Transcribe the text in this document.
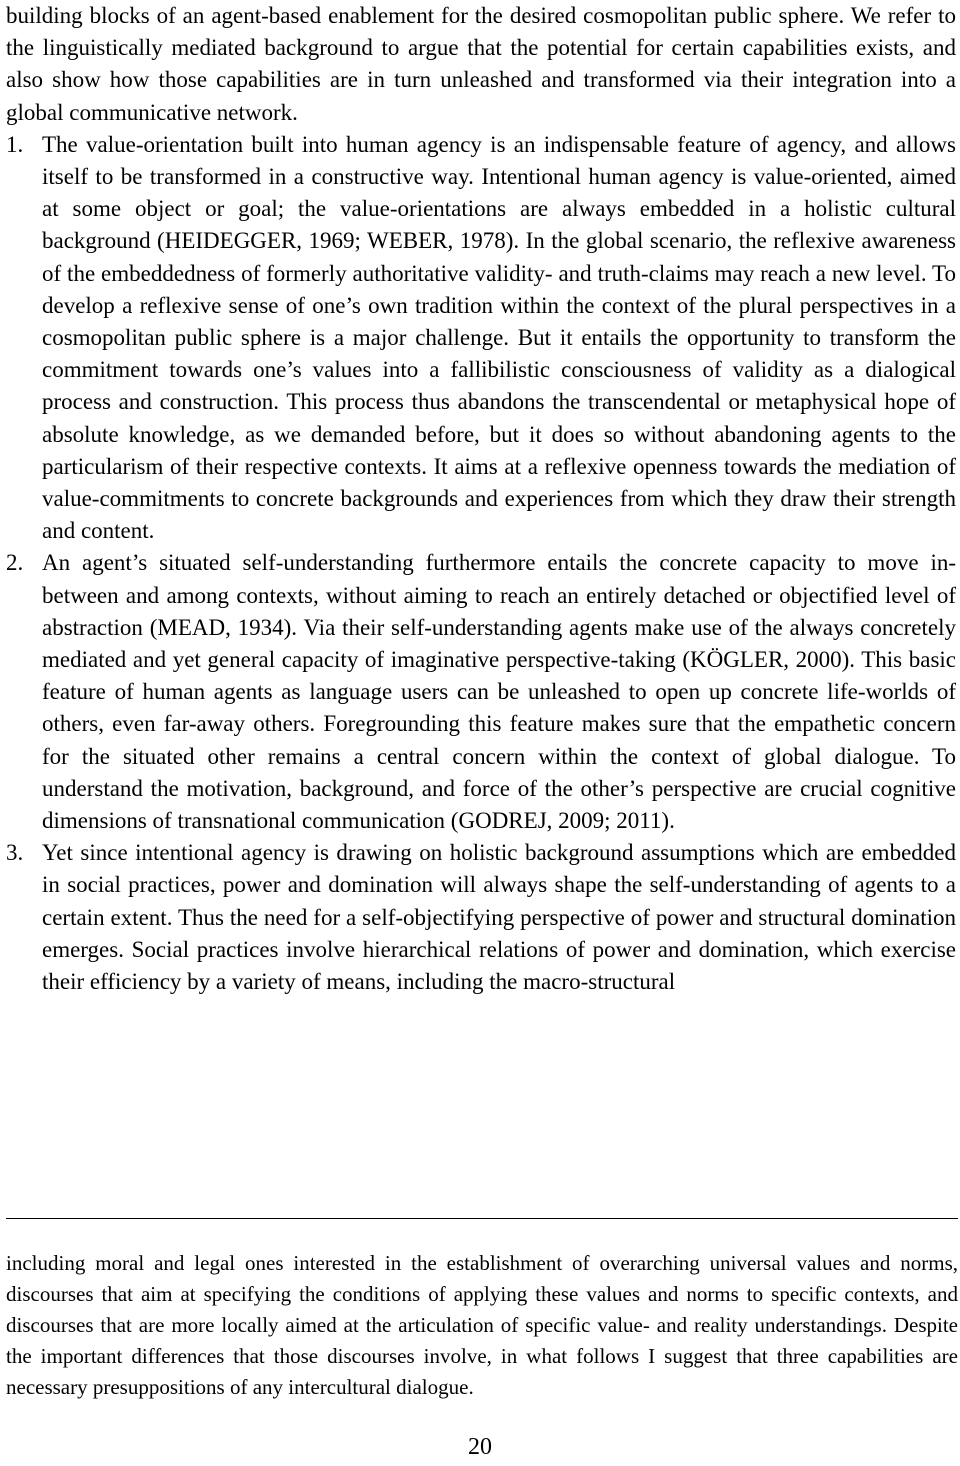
building blocks of an agent-based enablement for the desired cosmopolitan public sphere. We refer to the linguistically mediated background to argue that the potential for certain capabilities exists, and also show how those capabilities are in turn unleashed and transformed via their integration into a global communicative network.

1. The value-orientation built into human agency is an indispensable feature of agency, and allows itself to be transformed in a constructive way. Intentional human agency is value-oriented, aimed at some object or goal; the value-orientations are always embedded in a holistic cultural background (HEIDEGGER, 1969; WEBER, 1978). In the global scenario, the reflexive awareness of the embeddedness of formerly authoritative validity- and truth-claims may reach a new level. To develop a reflexive sense of one’s own tradition within the context of the plural perspectives in a cosmopolitan public sphere is a major challenge. But it entails the opportunity to transform the commitment towards one’s values into a fallibilistic consciousness of validity as a dialogical process and construction. This process thus abandons the transcendental or metaphysical hope of absolute knowledge, as we demanded before, but it does so without abandoning agents to the particularism of their respective contexts. It aims at a reflexive openness towards the mediation of value-commitments to concrete backgrounds and experiences from which they draw their strength and content.
2. An agent’s situated self-understanding furthermore entails the concrete capacity to move in-between and among contexts, without aiming to reach an entirely detached or objectified level of abstraction (MEAD, 1934). Via their self-understanding agents make use of the always concretely mediated and yet general capacity of imaginative perspective-taking (KÖGLER, 2000). This basic feature of human agents as language users can be unleashed to open up concrete life-worlds of others, even far-away others. Foregrounding this feature makes sure that the empathetic concern for the situated other remains a central concern within the context of global dialogue. To understand the motivation, background, and force of the other’s perspective are crucial cognitive dimensions of transnational communication (GODREJ, 2009; 2011).
3. Yet since intentional agency is drawing on holistic background assumptions which are embedded in social practices, power and domination will always shape the self-understanding of agents to a certain extent. Thus the need for a self-objectifying perspective of power and structural domination emerges. Social practices involve hierarchical relations of power and domination, which exercise their efficiency by a variety of means, including the macro-structural

including moral and legal ones interested in the establishment of overarching universal values and norms, discourses that aim at specifying the conditions of applying these values and norms to specific contexts, and discourses that are more locally aimed at the articulation of specific value- and reality understandings. Despite the important differences that those discourses involve, in what follows I suggest that three capabilities are necessary presuppositions of any intercultural dialogue.

20
